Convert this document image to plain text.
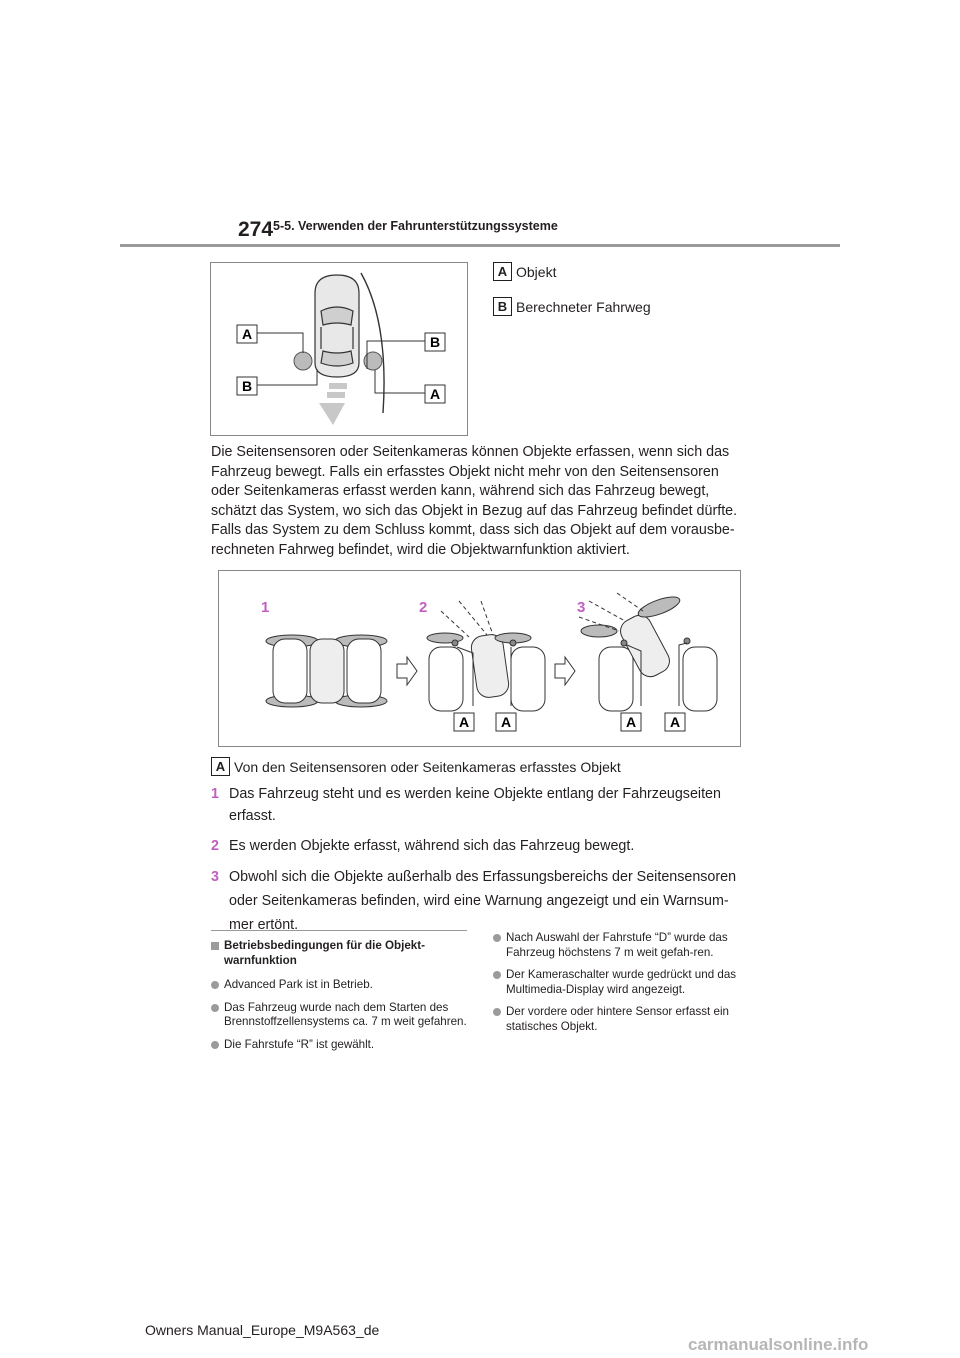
274 5-5. Verwenden der Fahrunterstützungssysteme
A	B
B	A
A Objekt
B Berechneter Fahrweg

Die Seitensensoren oder Seitenkameras können Objekte erfassen, wenn sich das Fahrzeug bewegt. Falls ein erfasstes Objekt nicht mehr von den Seitensensoren oder Seitenkameras erfasst werden kann, während sich das Fahrzeug bewegt, schätzt das System, wo sich das Objekt in Bezug auf das Fahrzeug befindet dürfte. Falls das System zu dem Schluss kommt, dass sich das Objekt auf dem vorausbe-rechneten Fahrweg befindet, wird die Objektwarnfunktion aktiviert.

1	2	3
A A	A A
A Von den Seitensensoren oder Seitenkameras erfasstes Objekt
1 Das Fahrzeug steht und es werden keine Objekte entlang der Fahrzeugseiten erfasst.
2 Es werden Objekte erfasst, während sich das Fahrzeug bewegt.
3 Obwohl sich die Objekte außerhalb des Erfassungsbereichs der Seitensensoren oder Seitenkameras befinden, wird eine Warnung angezeigt und ein Warnsum-mer ertönt.
Betriebsbedingungen für die Objekt-warnfunktion
Advanced Park ist in Betrieb.
Das Fahrzeug wurde nach dem Starten des Brennstoffzellensystems ca. 7 m weit gefahren.
Die Fahrstufe “R” ist gewählt.
Nach Auswahl der Fahrstufe “D” wurde das Fahrzeug höchstens 7 m weit gefah-ren.
Der Kameraschalter wurde gedrückt und das Multimedia-Display wird angezeigt.
Der vordere oder hintere Sensor erfasst ein statisches Objekt.
Owners Manual_Europe_M9A563_de
carmanualsonline.info
